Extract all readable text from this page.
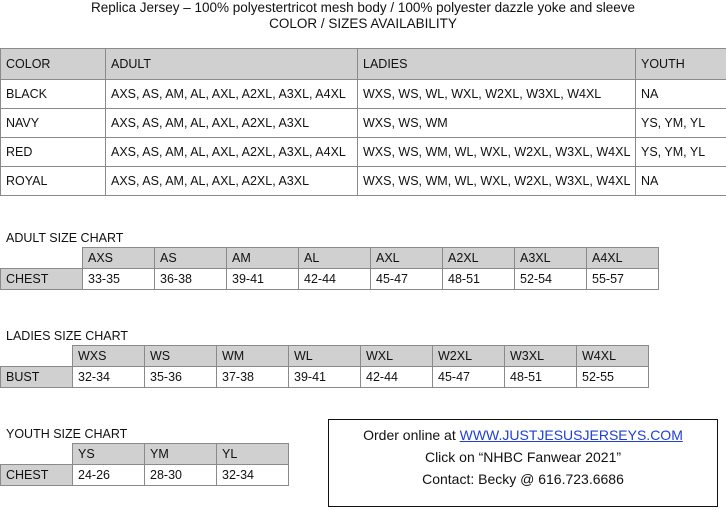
Replica Jersey – 100% polyestertricot mesh body / 100% polyester dazzle yoke and sleeve
COLOR / SIZES AVAILABILITY
COLOR	ADULT	LADIES	YOUTH
BLACK	AXS, AS, AM, AL, AXL, A2XL, A3XL, A4XL	WXS, WS, WL, WXL, W2XL, W3XL, W4XL	NA
NAVY	AXS, AS, AM, AL, AXL, A2XL, A3XL	WXS, WS, WM	YS, YM, YL
RED	AXS, AS, AM, AL, AXL, A2XL, A3XL, A4XL	WXS, WS, WM, WL, WXL, W2XL, W3XL, W4XL	YS, YM, YL
ROYAL	AXS, AS, AM, AL, AXL, A2XL, A3XL	WXS, WS, WM, WL, WXL, W2XL, W3XL, W4XL	NA
ADULT SIZE CHART
	AXS	AS	AM	AL	AXL	A2XL	A3XL	A4XL
CHEST	33-35	36-38	39-41	42-44	45-47	48-51	52-54	55-57
LADIES SIZE CHART
	WXS	WS	WM	WL	WXL	W2XL	W3XL	W4XL
BUST	32-34	35-36	37-38	39-41	42-44	45-47	48-51	52-55
YOUTH SIZE CHART
	YS	YM	YL
CHEST	24-26	28-30	32-34
Order online at WWW.JUSTJESUSJERSEYS.COM
Click on “NHBC Fanwear 2021”
Contact: Becky @ 616.723.6686
